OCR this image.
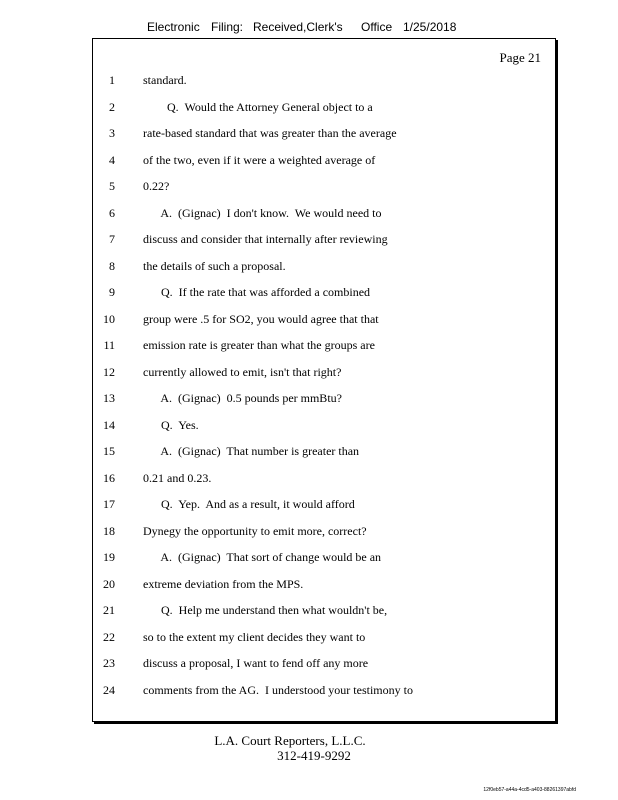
Electronic Filing: Received,Clerk's Office 1/25/2018
Page 21
1 standard.
2 Q.  Would the Attorney General object to a
3 rate-based standard that was greater than the average
4 of the two, even if it were a weighted average of
5 0.22?
6 A.  (Gignac)  I don't know.  We would need to
7 discuss and consider that internally after reviewing
8 the details of such a proposal.
9 Q.  If the rate that was afforded a combined
10 group were .5 for SO2, you would agree that that
11 emission rate is greater than what the groups are
12 currently allowed to emit, isn't that right?
13 A.  (Gignac)  0.5 pounds per mmBtu?
14 Q.  Yes.
15 A.  (Gignac)  That number is greater than
16 0.21 and 0.23.
17 Q.  Yep.  And as a result, it would afford
18 Dynegy the opportunity to emit more, correct?
19 A.  (Gignac)  That sort of change would be an
20 extreme deviation from the MPS.
21 Q.  Help me understand then what wouldn't be,
22 so to the extent my client decides they want to
23 discuss a proposal, I want to fend off any more
24 comments from the AG.  I understood your testimony to
L.A. Court Reporters, L.L.C.
312-419-9292
12f0eb57-a44a-4cd5-a403-88261397abfd
